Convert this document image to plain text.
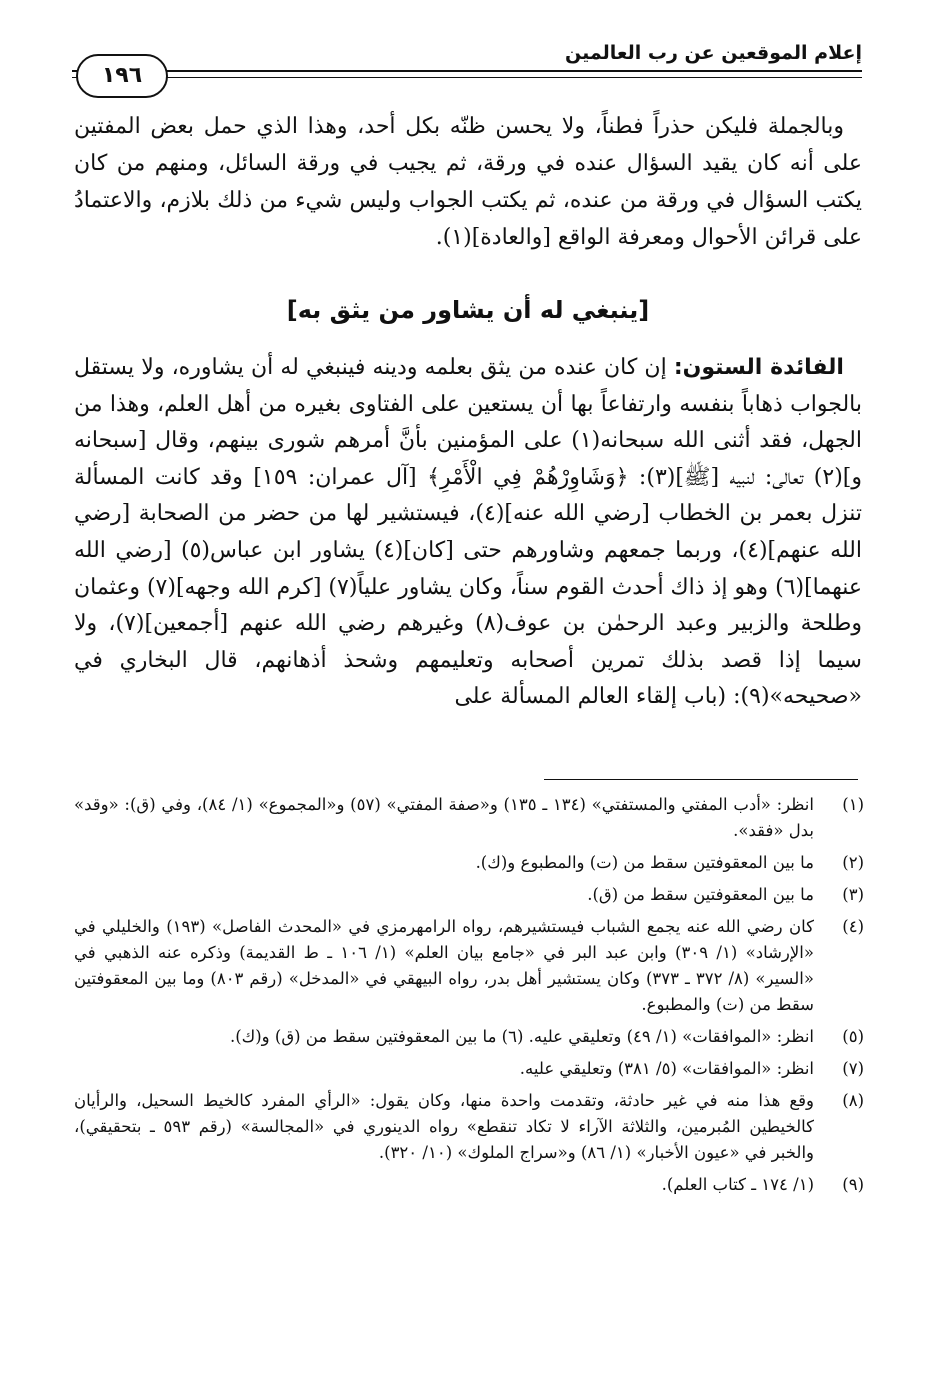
إعلام الموقعين عن رب العالمين
١٩٦

وبالجملة فليكن حذراً فطناً، ولا يحسن ظنّه بكل أحد، وهذا الذي حمل بعض المفتين على أنه كان يقيد السؤال عنده في ورقة، ثم يجيب في ورقة السائل، ومنهم من كان يكتب السؤال في ورقة من عنده، ثم يكتب الجواب وليس شيء من ذلك بلازم، والاعتمادُ على قرائن الأحوال ومعرفة الواقع [والعادة](١).

[ينبغي له أن يشاور من يثق به]

الفائدة الستون: إن كان عنده من يثق بعلمه ودينه فينبغي له أن يشاوره، ولا يستقل بالجواب ذهاباً بنفسه وارتفاعاً بها أن يستعين على الفتاوى بغيره من أهل العلم، وهذا من الجهل، فقد أثنى الله سبحانه(١) على المؤمنين بأنَّ أمرهم شورى بينهم، وقال [سبحانه و](٢) تعالى: لنبيه [ﷺ](٣): ﴿وَشَاوِرْهُمْ فِي الْأَمْرِ﴾ [آل عمران: ١٥٩] وقد كانت المسألة تنزل بعمر بن الخطاب [رضي الله عنه](٤)، فيستشير لها من حضر من الصحابة [رضي الله عنهم](٤)، وربما جمعهم وشاورهم حتى [كان](٤) يشاور ابن عباس(٥) [رضي الله عنهما](٦) وهو إذ ذاك أحدث القوم سناً، وكان يشاور علياً(٧) [كرم الله وجهه](٧) وعثمان وطلحة والزبير وعبد الرحمٰن بن عوف(٨) وغيرهم رضي الله عنهم [أجمعين](٧)، ولا سيما إذا قصد بذلك تمرين أصحابه وتعليمهم وشحذ أذهانهم، قال البخاري في «صحيحه»(٩): (باب إلقاء العالم المسألة على

(١)
انظر: «أدب المفتي والمستفتي» (١٣٤ ـ ١٣٥) و«صفة المفتي» (٥٧) و«المجموع» (١/ ٨٤)، وفي (ق): «وقد» بدل «فقد».
(٢)
ما بين المعقوفتين سقط من (ت) والمطبوع و(ك).
(٣)
ما بين المعقوفتين سقط من (ق).
(٤)
كان رضي الله عنه يجمع الشباب فيستشيرهم، رواه الرامهرمزي في «المحدث الفاصل» (١٩٣) والخليلي في «الإرشاد» (١/ ٣٠٩) وابن عبد البر في «جامع بيان العلم» (١/ ١٠٦ ـ ط القديمة) وذكره عنه الذهبي في «السير» (٨/ ٣٧٢ ـ ٣٧٣) وكان يستشير أهل بدر، رواه البيهقي في «المدخل» (رقم ٨٠٣) وما بين المعقوفتين سقط من (ت) والمطبوع.
(٥)
انظر: «الموافقات» (١/ ٤٩) وتعليقي عليه. (٦) ما بين المعقوفتين سقط من (ق) و(ك).
(٧)
انظر: «الموافقات» (٥/ ٣٨١) وتعليقي عليه.
(٨)
وقع هذا منه في غير حادثة، وتقدمت واحدة منها، وكان يقول: «الرأي المفرد كالخيط السحيل، والرأيان كالخيطين المُبرمين، والثلاثة الآراء لا تكاد تنقطع» رواه الدينوري في «المجالسة» (رقم ٥٩٣ ـ بتحقيقي)، والخبر في «عيون الأخبار» (١/ ٨٦) و«سراج الملوك» (١٠/ ٣٢٠).
(٩)
(١/ ١٧٤ ـ كتاب العلم).
